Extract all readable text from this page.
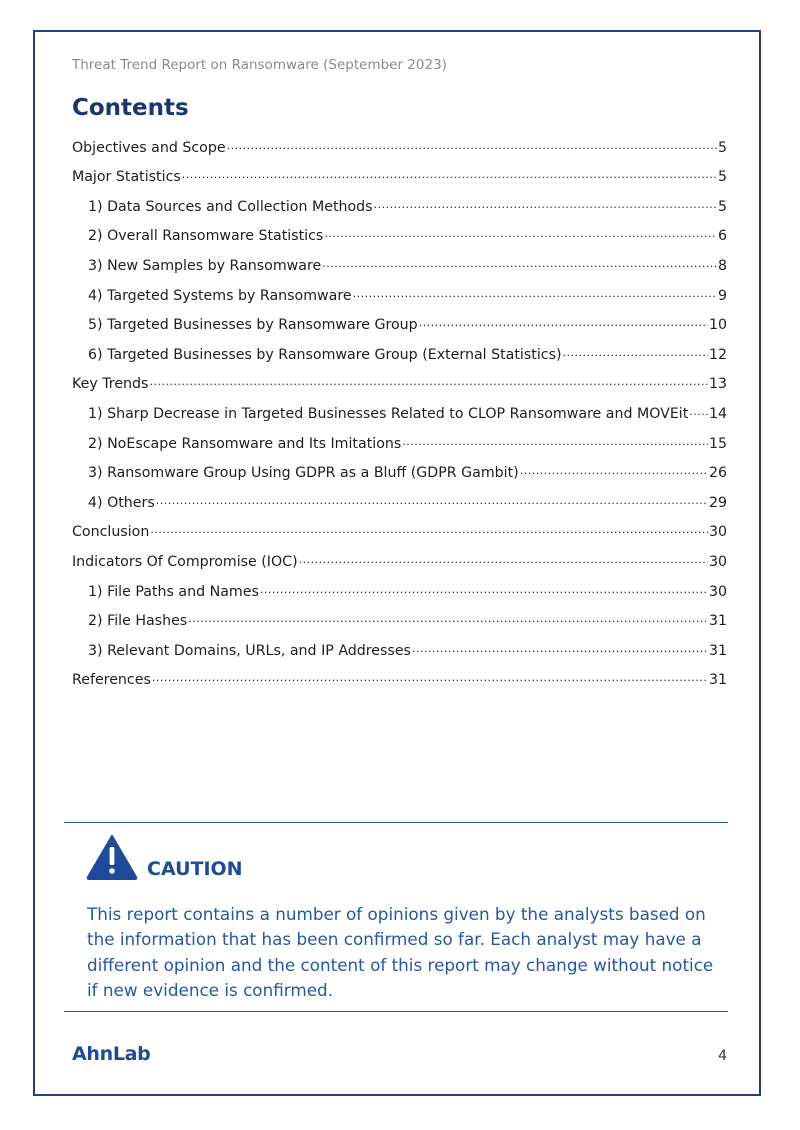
Threat Trend Report on Ransomware (September 2023)
Contents
Objectives and Scope .....	5
Major Statistics .....	5
1) Data Sources and Collection Methods .....	5
2) Overall Ransomware Statistics .....	6
3) New Samples by Ransomware .....	8
4) Targeted Systems by Ransomware .....	9
5) Targeted Businesses by Ransomware Group .....	10
6) Targeted Businesses by Ransomware Group (External Statistics) .....	12
Key Trends .....	13
1) Sharp Decrease in Targeted Businesses Related to CLOP Ransomware and MOVEit ..... 14
2) NoEscape Ransomware and Its Imitations .....	15
3) Ransomware Group Using GDPR as a Bluff (GDPR Gambit) .....	26
4) Others .....	29
Conclusion .....	30
Indicators Of Compromise (IOC) .....	30
1) File Paths and Names .....	30
2) File Hashes .....	31
3) Relevant Domains, URLs, and IP Addresses .....	31
References .....	31
CAUTION
This report contains a number of opinions given by the analysts based on the information that has been confirmed so far. Each analyst may have a different opinion and the content of this report may change without notice if new evidence is confirmed.
AhnLab	4
